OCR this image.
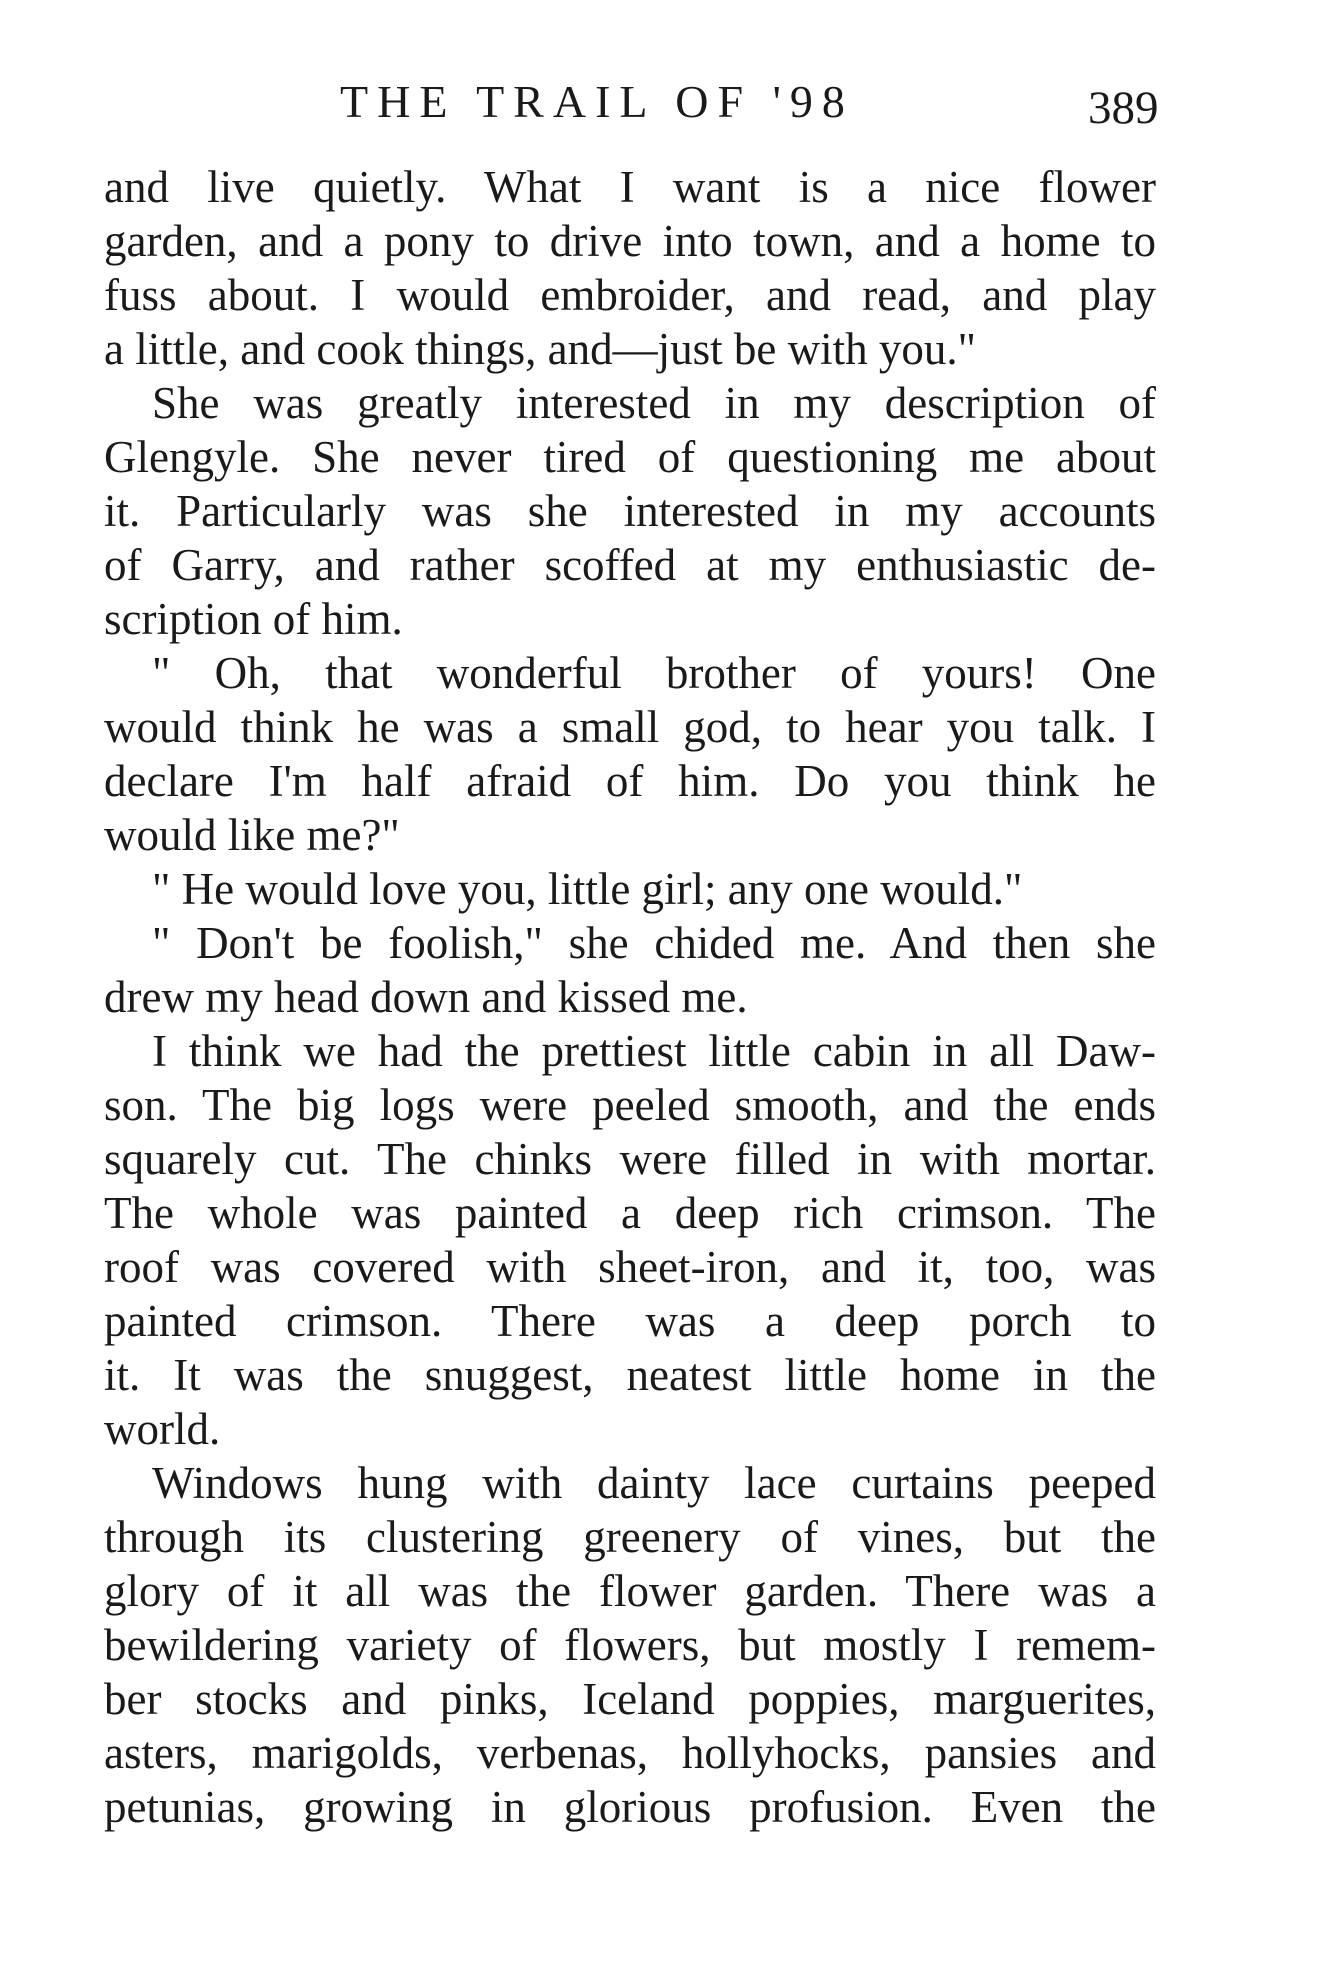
THE TRAIL OF '98	389
and live quietly. What I want is a nice flower
garden, and a pony to drive into town, and a home to
fuss about. I would embroider, and read, and play
a little, and cook things, and—just be with you."
She was greatly interested in my description of
Glengyle. She never tired of questioning me about
it. Particularly was she interested in my accounts
of Garry, and rather scoffed at my enthusiastic de-
scription of him.
" Oh, that wonderful brother of yours! One
would think he was a small god, to hear you talk. I
declare I'm half afraid of him. Do you think he
would like me?"
" He would love you, little girl; any one would."
" Don't be foolish," she chided me. And then she
drew my head down and kissed me.
I think we had the prettiest little cabin in all Daw-
son. The big logs were peeled smooth, and the ends
squarely cut. The chinks were filled in with mortar.
The whole was painted a deep rich crimson. The
roof was covered with sheet-iron, and it, too, was
painted crimson. There was a deep porch to
it. It was the snuggest, neatest little home in the
world.
Windows hung with dainty lace curtains peeped
through its clustering greenery of vines, but the
glory of it all was the flower garden. There was a
bewildering variety of flowers, but mostly I remem-
ber stocks and pinks, Iceland poppies, marguerites,
asters, marigolds, verbenas, hollyhocks, pansies and
petunias, growing in glorious profusion. Even the
